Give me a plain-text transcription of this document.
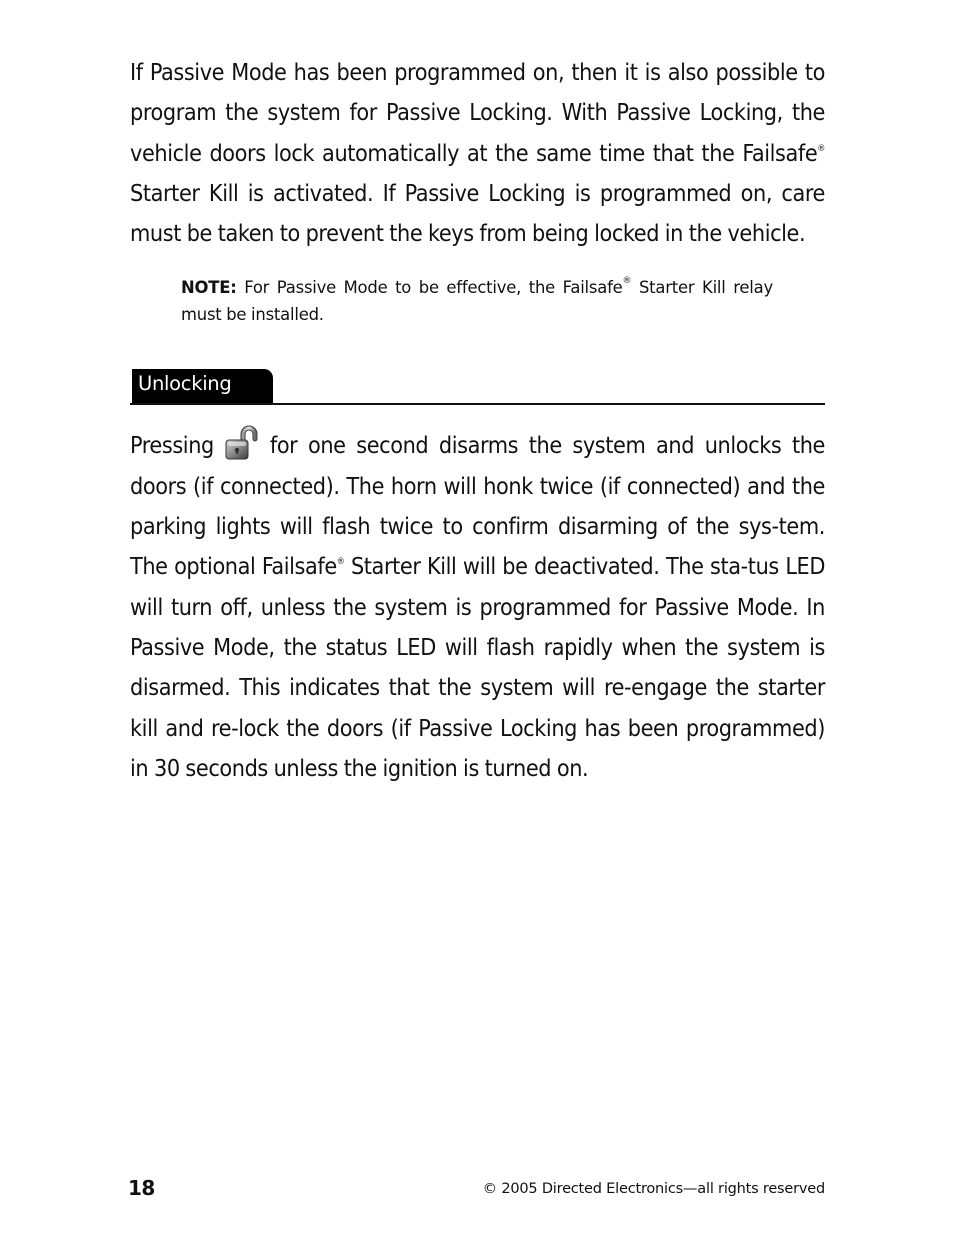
If Passive Mode has been programmed on, then it is also possible to program the system for Passive Locking. With Passive Locking, the vehicle doors lock automatically at the same time that the Failsafe® Starter Kill is activated. If Passive Locking is programmed on, care must be taken to prevent the keys from being locked in the vehicle.

NOTE: For Passive Mode to be effective, the Failsafe® Starter Kill relay must be installed.

Unlocking

Pressing for one second disarms the system and unlocks the doors (if connected). The horn will honk twice (if connected) and the parking lights will flash twice to confirm disarming of the sys-tem. The optional Failsafe® Starter Kill will be deactivated. The sta-tus LED will turn off, unless the system is programmed for Passive Mode. In Passive Mode, the status LED will flash rapidly when the system is disarmed. This indicates that the system will re-engage the starter kill and re-lock the doors (if Passive Locking has been programmed) in 30 seconds unless the ignition is turned on.

18	© 2005 Directed Electronics—all rights reserved
